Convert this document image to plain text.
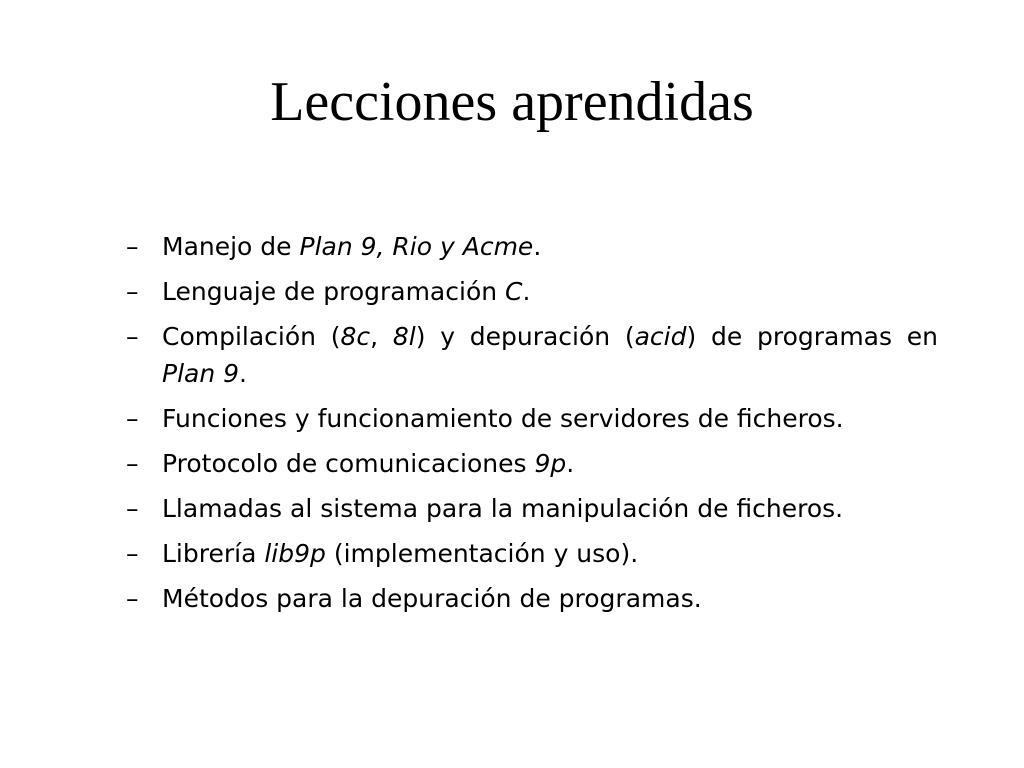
Lecciones aprendidas
– Manejo de Plan 9, Rio y Acme.
– Lenguaje de programación C.
– Compilación (8c, 8l) y depuración (acid) de programas en Plan 9.
– Funciones y funcionamiento de servidores de ficheros.
– Protocolo de comunicaciones 9p.
– Llamadas al sistema para la manipulación de ficheros.
– Librería lib9p (implementación y uso).
– Métodos para la depuración de programas.
